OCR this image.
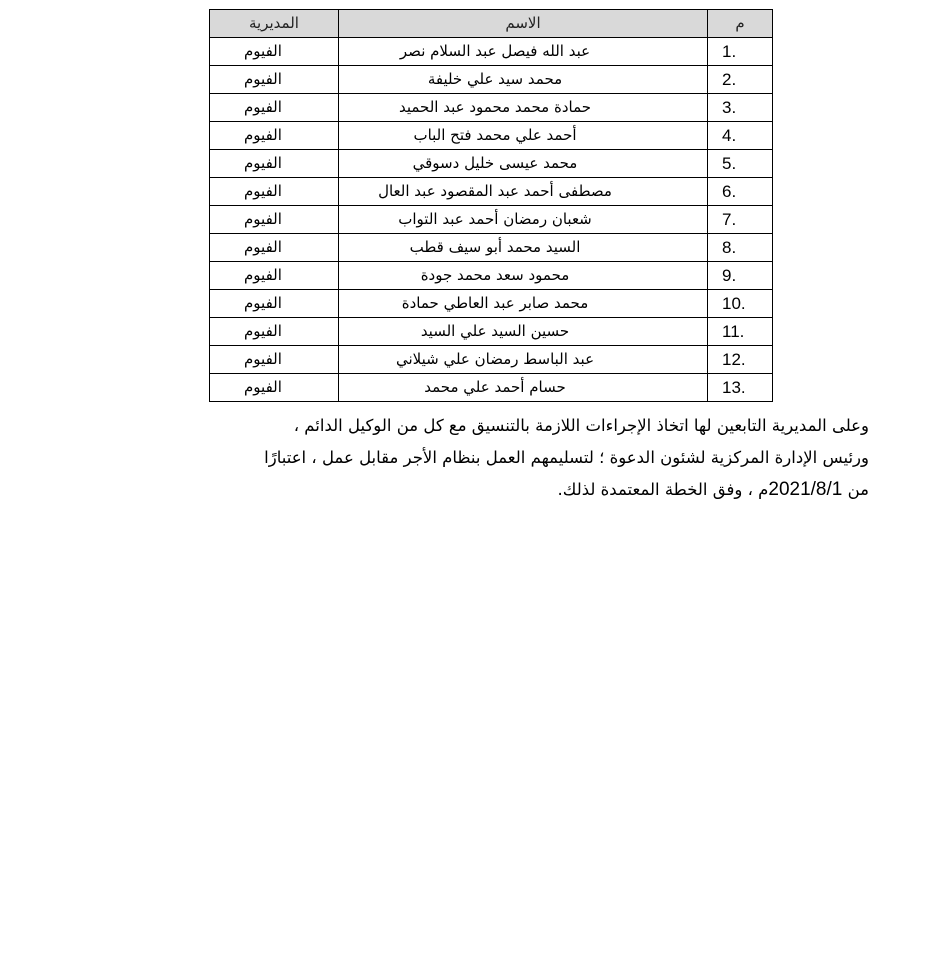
م	الاسم	المديرية
1.	عبد الله فيصل عبد السلام نصر	الفيوم
2.	محمد سيد علي خليفة	الفيوم
3.	حمادة محمد محمود عبد الحميد	الفيوم
4.	أحمد علي محمد فتح الباب	الفيوم
5.	محمد عيسى خليل دسوقي	الفيوم
6.	مصطفى أحمد عبد المقصود عبد العال	الفيوم
7.	شعبان رمضان أحمد عبد التواب	الفيوم
8.	السيد محمد أبو سيف قطب	الفيوم
9.	محمود سعد محمد جودة	الفيوم
10.	محمد صابر عبد العاطي حمادة	الفيوم
11.	حسين السيد علي السيد	الفيوم
12.	عبد الباسط رمضان علي شيلاني	الفيوم
13.	حسام أحمد علي محمد	الفيوم
وعلى المديرية التابعين لها اتخاذ الإجراءات اللازمة بالتنسيق مع كل من الوكيل الدائم ،
ورئيس الإدارة المركزية لشئون الدعوة ؛ لتسليمهم العمل بنظام الأجر مقابل عمل ، اعتبارًا
من 2021/8/1م ، وفق الخطة المعتمدة لذلك.
